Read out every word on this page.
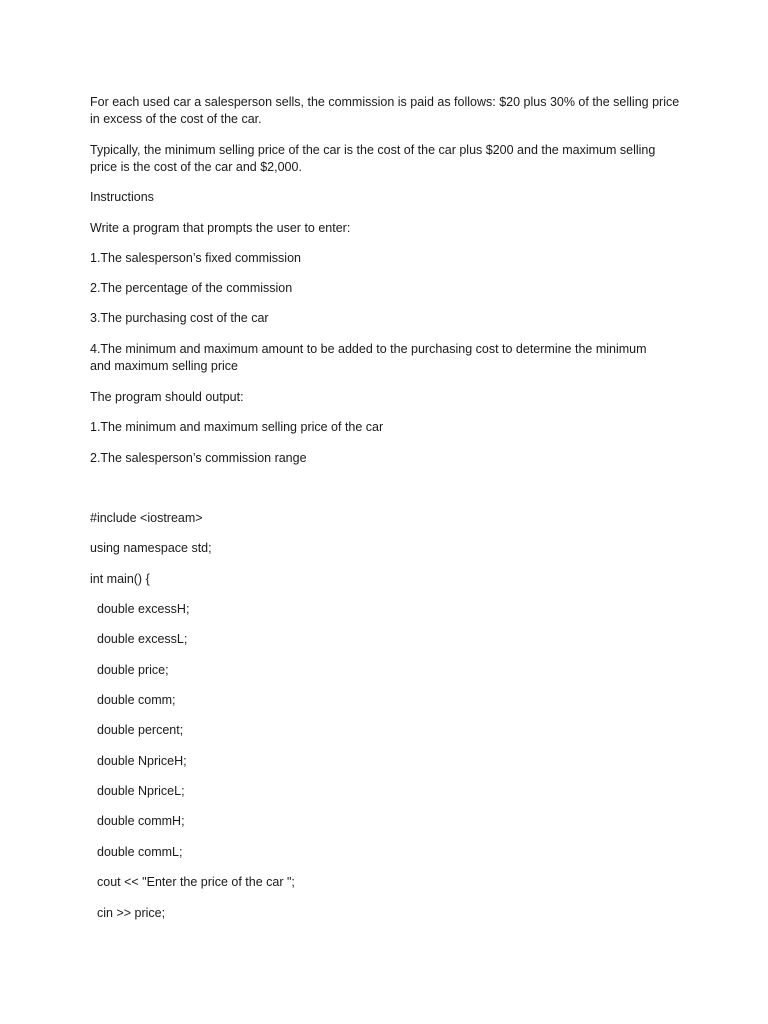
For each used car a salesperson sells, the commission is paid as follows: $20 plus 30% of the selling price
in excess of the cost of the car.
Typically, the minimum selling price of the car is the cost of the car plus $200 and the maximum selling
price is the cost of the car and $2,000.
Instructions
Write a program that prompts the user to enter:
1.The salesperson’s fixed commission
2.The percentage of the commission
3.The purchasing cost of the car
4.The minimum and maximum amount to be added to the purchasing cost to determine the minimum
and maximum selling price
The program should output:
1.The minimum and maximum selling price of the car
2.The salesperson’s commission range
#include <iostream>
using namespace std;
int main() {
double excessH;
double excessL;
double price;
double comm;
double percent;
double NpriceH;
double NpriceL;
double commH;
double commL;
cout << "Enter the price of the car ";
cin >> price;
